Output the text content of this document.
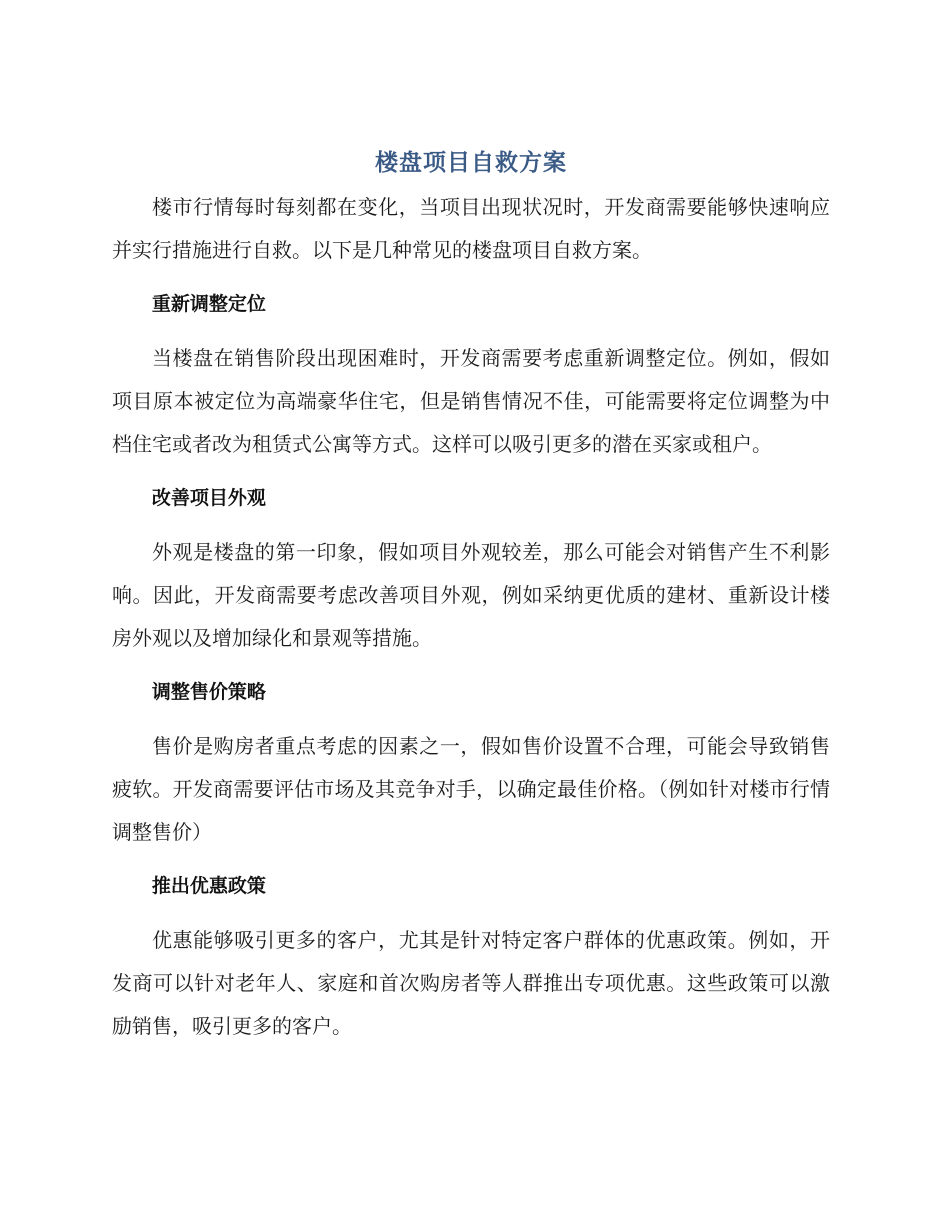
楼盘项目自救方案

楼市行情每时每刻都在变化，当项目出现状况时，开发商需要能够快速响应并实行措施进行自救。以下是几种常见的楼盘项目自救方案。

重新调整定位

当楼盘在销售阶段出现困难时，开发商需要考虑重新调整定位。例如，假如项目原本被定位为高端豪华住宅，但是销售情况不佳，可能需要将定位调整为中档住宅或者改为租赁式公寓等方式。这样可以吸引更多的潜在买家或租户。

改善项目外观

外观是楼盘的第一印象，假如项目外观较差，那么可能会对销售产生不利影响。因此，开发商需要考虑改善项目外观，例如采纳更优质的建材、重新设计楼房外观以及增加绿化和景观等措施。

调整售价策略

售价是购房者重点考虑的因素之一，假如售价设置不合理，可能会导致销售疲软。开发商需要评估市场及其竞争对手，以确定最佳价格。（例如针对楼市行情调整售价）

推出优惠政策

优惠能够吸引更多的客户，尤其是针对特定客户群体的优惠政策。例如，开发商可以针对老年人、家庭和首次购房者等人群推出专项优惠。这些政策可以激励销售，吸引更多的客户。
